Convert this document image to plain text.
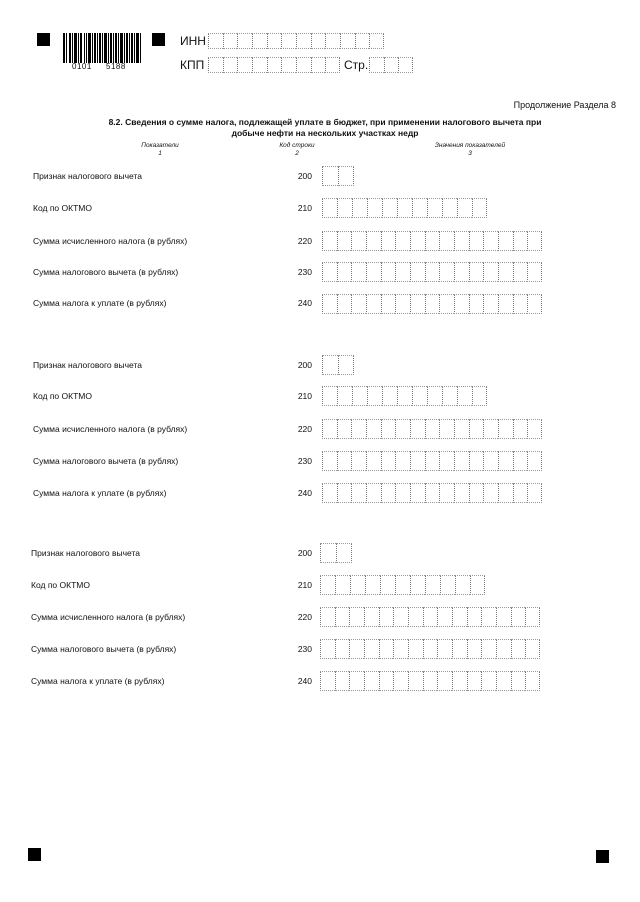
0101 5188
ИНН
КПП	Стр.
Продолжение Раздела 8
8.2. Сведения о сумме налога, подлежащей уплате в бюджет, при применении налогового вычета при
добыче нефти на нескольких участках недр
Показатели
1
Код строки
2
Значения показателей
3
Признак налогового вычета	200
Код по ОКТМО	210
Сумма исчисленного налога (в рублях)	220
Сумма налогового вычета (в рублях)	230
Сумма налога к уплате (в рублях)	240
Признак налогового вычета	200
Код по ОКТМО	210
Сумма исчисленного налога (в рублях)	220
Сумма налогового вычета (в рублях)	230
Сумма налога к уплате (в рублях)	240
Признак налогового вычета	200
Код по ОКТМО	210
Сумма исчисленного налога (в рублях)	220
Сумма налогового вычета (в рублях)	230
Сумма налога к уплате (в рублях)	240
